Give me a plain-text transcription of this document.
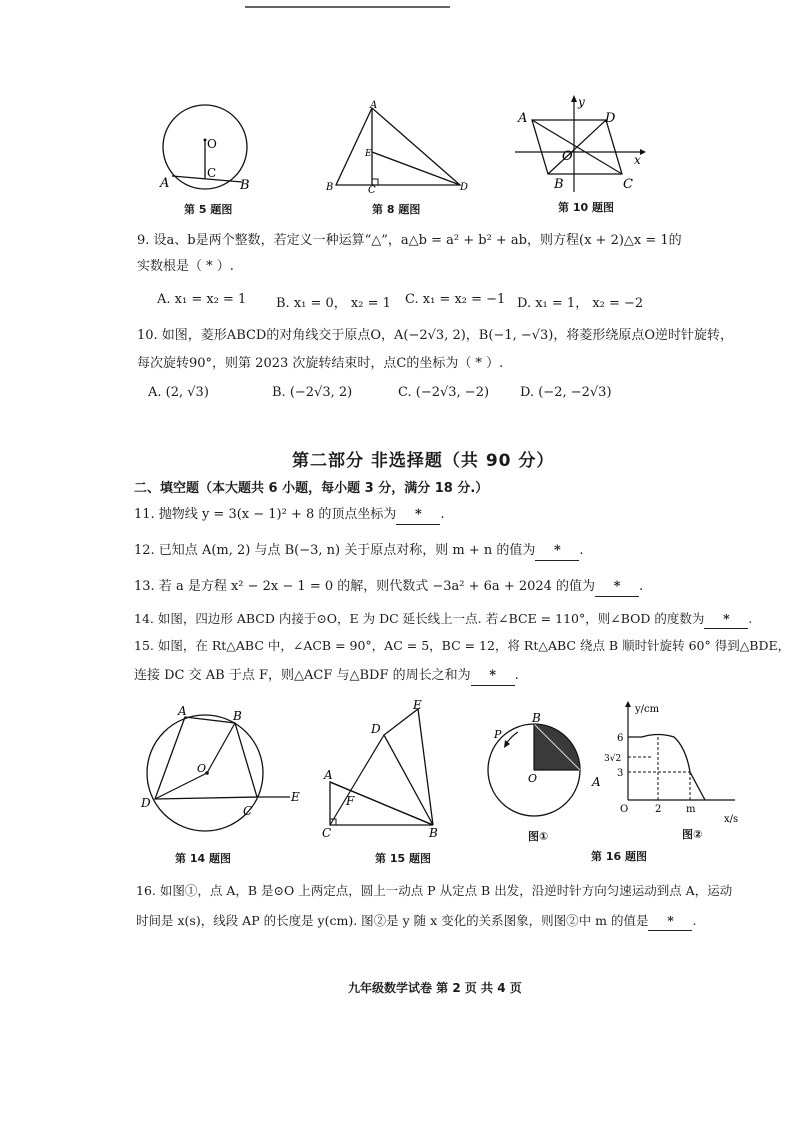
O
C
A	B
第 5 题图
A
E
B	C	D
第 8 题图
y
x
A	D
O
B	C
第 10 题图
9. 设a、b是两个整数，若定义一种运算“△”，a△b = a² + b² + ab，则方程(x + 2)△x = 1的
实数根是（ * ）.
A. x₁ = x₂ = 1 B. x₁ = 0， x₂ = 1 C. x₁ = x₂ = −1 D. x₁ = 1， x₂ = −2
10. 如图，菱形ABCD的对角线交于原点O，A(−2√3, 2)，B(−1, −√3)，将菱形绕原点O逆时针旋转，
每次旋转90°，则第 2023 次旋转结束时，点C的坐标为（ * ）.
A. (2, √3)	B. (−2√3, 2)	C. (−2√3, −2) D. (−2, −2√3)
第二部分 非选择题（共 90 分）
二、填空题（本大题共 6 小题，每小题 3 分，满分 18 分.）
11. 抛物线 y = 3(x − 1)² + 8 的顶点坐标为 * .
12. 已知点 A(m, 2) 与点 B(−3, n) 关于原点对称，则 m + n 的值为 * .
13. 若 a 是方程 x² − 2x − 1 = 0 的解，则代数式 −3a² + 6a + 2024 的值为 * .
14. 如图，四边形 ABCD 内接于⊙O，E 为 DC 延长线上一点. 若∠BCE = 110°，则∠BOD 的度数为 * .
15. 如图，在 Rt△ABC 中，∠ACB = 90°，AC = 5，BC = 12，将 Rt△ABC 绕点 B 顺时针旋转 60° 得到△BDE，
连接 DC 交 AB 于点 F，则△ACF 与△BDF 的周长之和为 * .
A	B
O
D
C
E
第 14 题图
D
E
A
F
C	B
第 15 题图
B
P
O	A
y/cm
x/s
6
3√2
3
O	2 m
图①	图②
第 16 题图
16. 如图①，点 A，B 是⊙O 上两定点，圆上一动点 P 从定点 B 出发，沿逆时针方向匀速运动到点 A，运动
时间是 x(s)，线段 AP 的长度是 y(cm). 图②是 y 随 x 变化的关系图象，则图②中 m 的值是 * .
九年级数学试卷 第 2 页 共 4 页
